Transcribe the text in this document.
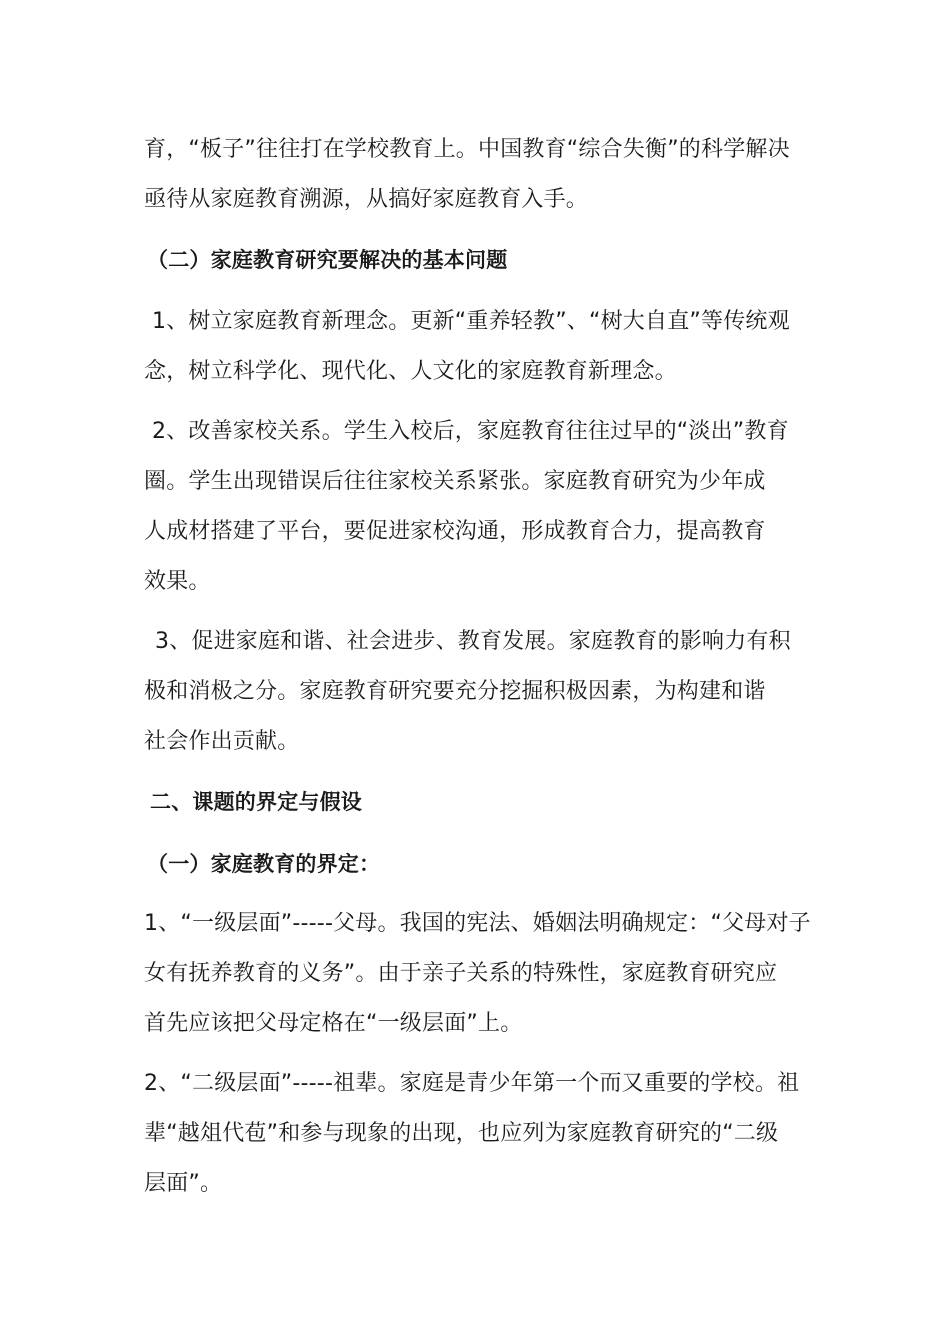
育，“板子”往往打在学校教育上。中国教育“综合失衡”的科学解决
亟待从家庭教育溯源，从搞好家庭教育入手。
（二）家庭教育研究要解决的基本问题
1、树立家庭教育新理念。更新“重养轻教”、“树大自直”等传统观
念，树立科学化、现代化、人文化的家庭教育新理念。
2、改善家校关系。学生入校后，家庭教育往往过早的“淡出”教育
圈。学生出现错误后往往家校关系紧张。家庭教育研究为少年成
人成材搭建了平台，要促进家校沟通，形成教育合力，提高教育
效果。
3、促进家庭和谐、社会进步、教育发展。家庭教育的影响力有积
极和消极之分。家庭教育研究要充分挖掘积极因素，为构建和谐
社会作出贡献。
二、课题的界定与假设
（一）家庭教育的界定：
1、“一级层面”-----父母。我国的宪法、婚姻法明确规定：“父母对子
女有抚养教育的义务”。由于亲子关系的特殊性，家庭教育研究应
首先应该把父母定格在“一级层面”上。
2、“二级层面”-----祖辈。家庭是青少年第一个而又重要的学校。祖
辈“越俎代苞”和参与现象的出现，也应列为家庭教育研究的“二级
层面”。
